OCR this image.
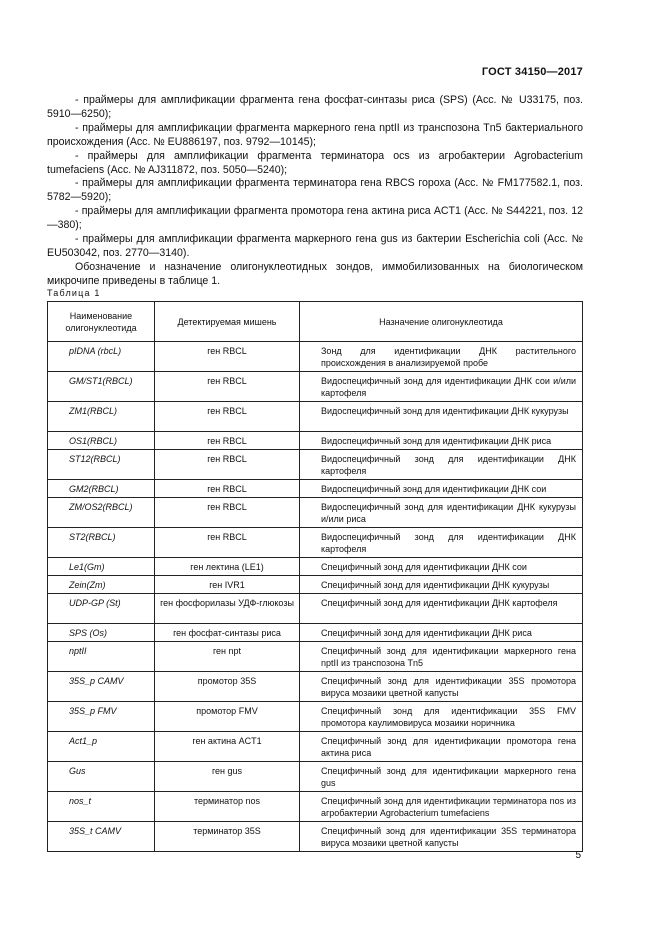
ГОСТ 34150—2017

- праймеры для амплификации фрагмента гена фосфат-синтазы риса (SPS) (Acc. № U33175, поз. 5910—6250);

- праймеры для амплификации фрагмента маркерного гена nptII из транспозона Tn5 бактериального происхождения (Acc. № EU886197, поз. 9792—10145);

- праймеры для амплификации фрагмента терминатора ocs из агробактерии Agrobacterium tumefaciens (Acc. № AJ311872, поз. 5050—5240);

- праймеры для амплификации фрагмента терминатора гена RBCS гороха (Acc. № FM177582.1, поз. 5782—5920);

- праймеры для амплификации фрагмента промотора гена актина риса ACT1 (Acc. № S44221, поз. 12—380);

- праймеры для амплификации фрагмента маркерного гена gus из бактерии Escherichia coli (Acc. № EU503042, поз. 2770—3140).

Обозначение и назначение олигонуклеотидных зондов, иммобилизованных на биологическом микрочипе приведены в таблице 1.

Таблица 1
Наименование олигонуклеотида	Детектируемая мишень	Назначение олигонуклеотида
pIDNA (rbcL)	ген RBCL	Зонд для идентификации ДНК растительного происхождения в анализируемой пробе
GM/ST1(RBCL)	ген RBCL	Видоспецифичный зонд для идентификации ДНК сои и/или картофеля
ZM1(RBCL)	ген RBCL	Видоспецифичный зонд для идентификации ДНК кукурузы
OS1(RBCL)	ген RBCL	Видоспецифичный зонд для идентификации ДНК риса
ST12(RBCL)	ген RBCL	Видоспецифичный зонд для идентификации ДНК картофеля
GM2(RBCL)	ген RBCL	Видоспецифичный зонд для идентификации ДНК сои
ZM/OS2(RBCL)	ген RBCL	Видоспецифичный зонд для идентификации ДНК кукурузы и/или риса
ST2(RBCL)	ген RBCL	Видоспецифичный зонд для идентификации ДНК картофеля
Le1(Gm)	ген лектина (LE1)	Специфичный зонд для идентификации ДНК сои
Zein(Zm)	ген IVR1	Специфичный зонд для идентификации ДНК кукурузы
UDP-GP (St)	ген фосфорилазы УДФ-глюкозы	Специфичный зонд для идентификации ДНК картофеля
SPS (Os)	ген фосфат-синтазы риса	Специфичный зонд для идентификации ДНК риса
nptII	ген npt	Специфичный зонд для идентификации маркерного гена nptII из транспозона Tn5
35S_p CAMV	промотор 35S	Специфичный зонд для идентификации 35S промотора вируса мозаики цветной капусты
35S_p FMV	промотор FMV	Специфичный зонд для идентификации 35S FMV промотора каулимовируса мозаики норичника
Act1_p	ген актина ACT1	Специфичный зонд для идентификации промотора гена актина риса
Gus	ген gus	Специфичный зонд для идентификации маркерного гена gus
nos_t	терминатор nos	Специфичный зонд для идентификации терминатора nos из агробактерии Agrobacterium tumefaciens
35S_t CAMV	терминатор 35S	Специфичный зонд для идентификации 35S терминатора вируса мозаики цветной капусты
5
